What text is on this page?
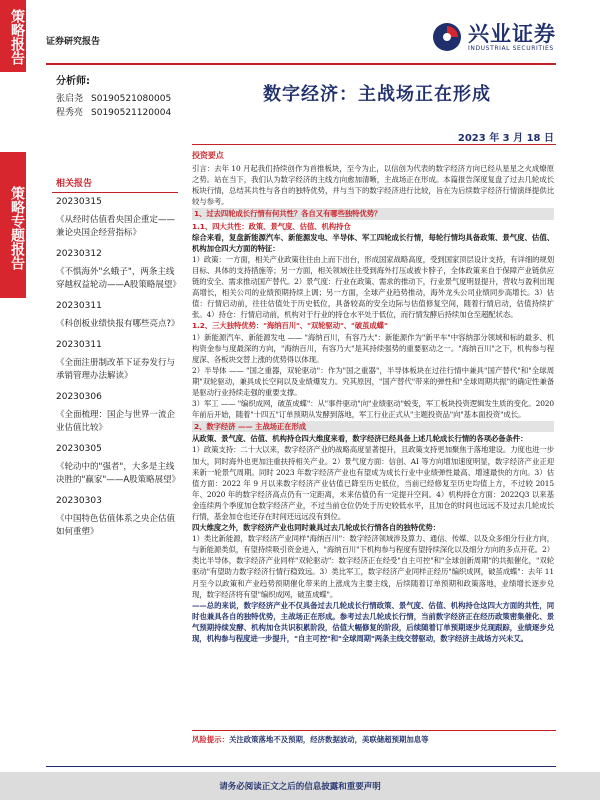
策略报告
策略专题报告
证券研究报告	兴业证券
INDUSTRIAL SECURITIES
分析师:
张启尧 S0190521080005
程秀亮 S0190521120004
相关报告
20230315
《从经时估值看央国企重定——兼论央国企经营指标》
20230312
《不惧海外"幺蛾子"，两条主线穿越权益轮动——A股策略展望》
20230311
《科创板业绩快报有哪些亮点?》
20230311
《全面注册制改革下证券发行与承销管理办法解读》
20230306
《全面梳理：国企与世界一流企业估值比较》
20230305
《轮动中的"强者"，大多是主线决胜的"赢家"——A股策略展望》
20230303
《中国特色估值体系之央企估值如何重塑》
数字经济：主战场正在形成
2023 年 3 月 18 日
投资要点
引言：去年 10 月起我们持续创作为首推板块，至今为止，以信创为代表的数字经济方向已经从星星之火成燎原之势。站在当下，我们认为数字经济的主线方向愈加清晰，主战场正在形成。本篇报告深度复盘了过去几轮成长板块行情，总结其共性与各自的独特优势，并与当下的数字经济进行比较，旨在为后续数字经济行情演绎提供比较与参考。
1、过去四轮成长行情有何共性？各自又有哪些独特优势？
1.1、四大共性：政策、景气度、估值、机构持仓
综合来看，复盘新能源汽车、新能源发电、半导体、军工四轮成长行情，每轮行情均具备政策、景气度、估值、机构加仓四大方面的特征：
1）政策：一方面，相关产业政策往往由上而下出台，形成国家战略高度，受到国家顶层设计支持，有详细的规划目标、具体的支持措施等；另一方面，相关领域往往受到海外打压或被卡脖子，全体政策来自于保障产业链供应链的安全、需求推动国产替代。2）景气度：行业在政策、需求的推动下，行业景气度明显提升，营收与盈利出现高增长，相关公司的业绩预期持续上调；另一方面，全球产业趋势推动，海外龙头公司业绩同步高增长。3）估值：行情启动前，往往估值处于历史低位，具备较高的安全边际与估值修复空间，随着行情启动，估值持续扩张。4）持仓：行情启动前，机构对于行业的持仓水平处于低位，而行情发酵后持续加仓至超配状态。
1.2、三大独特优势："海纳百川"、"双轮驱动"、"破茧成蝶"
1）新能源汽车、新能源发电 —— "海纳百川，有容乃大"：新能源作为"新平车"中容纳部分领域和标的最多、机构资金参与度最深的方向，"海纳百川，有容乃大"是其持续强势的重要驱动之一。"海纳百川"之下，机构参与程度深、各板块交替上涨的优势得以体现。
2）半导体 —— "国之重器，双轮驱动"：作为"国之重器"，半导体板块在过往行情中兼具"国产替代"和"全球周期"双轮驱动，兼具成长空间以及业绩爆发力。究其原因，"国产替代"带来的弹性和"全球周期共振"的确定性兼备是驱动行业持续走强的重要支撑。
3）军工 —— "编织成网，破茧成蝶"：从"事件驱动"向"业绩驱动"蜕变，军工板块投资逻辑发生质的变化。2020 年前后开始，随着"十四五"订单预期从发酵到落地，军工行业正式从"主题投资品"向"基本面投资"成长。
2、数字经济 —— 主战场正在形成
从政策、景气度、估值、机构持仓四大维度来看，数字经济已经具备上述几轮成长行情的各项必备条件：
1）政策支持：二十大以来，数字经济产业的战略高度显著提升，且政策支持更加聚焦于落地建设。力度也进一步加大，同时海外也更加注重扶持相关产业。2）景气度方面：信创、AI 等方向增加速度明显，数字经济产业正迎来新一轮景气周期。同时 2023 年数字经济产业也有望成为成长行业中业绩弹性最高、增速最快的方向。3）估值方面：2022 年 9 月以来数字经济产业估值已降至历史低位，当前已经修复至历史均值上方，不过较 2015 年、2020 年的数字经济高点仍有一定距离，未来估值仍有一定提升空间。4）机构持仓方面：2022Q3 以来基金连续两个季度加仓数字经济产业，不过当前仓位仍处于历史较低水平，且加仓的时间也远远不及过去几轮成长行情，基金加仓也还存在时间还远远没有到位。
四大维度之外，数字经济产业也同时兼具过去几轮成长行情各自的独特优势：
1）类比新能源，数字经济产业同样"海纳百川"：数字经济领域涉及算力、通信、传媒、以及众多细分行业方向，与新能源类似，有望持续吸引资金进入，"海纳百川"下机构参与程度有望持续深化以及细分方向的多点开花。2）类比半导体，数字经济产业同样"双轮驱动"：数字经济正在经受"自主可控"和"全球创新周期"的共振催化，"双轮驱动"有望助力数字经济行情行稳致远。3）类比军工，数字经济产业同样正经历"编织成网，破茧成蝶"：去年 11 月至今以政策和产业趋势预期催化带来的上涨成为主要主线，后续随着订单预期和政策落地，业绩增长逐步兑现，数字经济将有望"编织成网，破茧成蝶"。
——总的来说，数字经济产业不仅具备过去几轮成长行情政策、景气度、估值、机构持仓这四大方面的共性，同时也兼具各自的独特优势，主战场正在形成。参考过去几轮成长行情，当前数字经济正在经历政策密集催化、景气预期持续发酵、机构加仓共识积累阶段，估值大幅修复的阶段，后续随着订单预期逐步兑现跟踪，业绩逐步兑现，机构参与程度进一步提升，"自主可控"和"全球周期"两条主线交替驱动，数字经济主战场方兴未艾。
风险提示：关注政策落地不及预期，经济数据波动，美联储超预期加息等
请务必阅读正文之后的信息披露和重要声明
